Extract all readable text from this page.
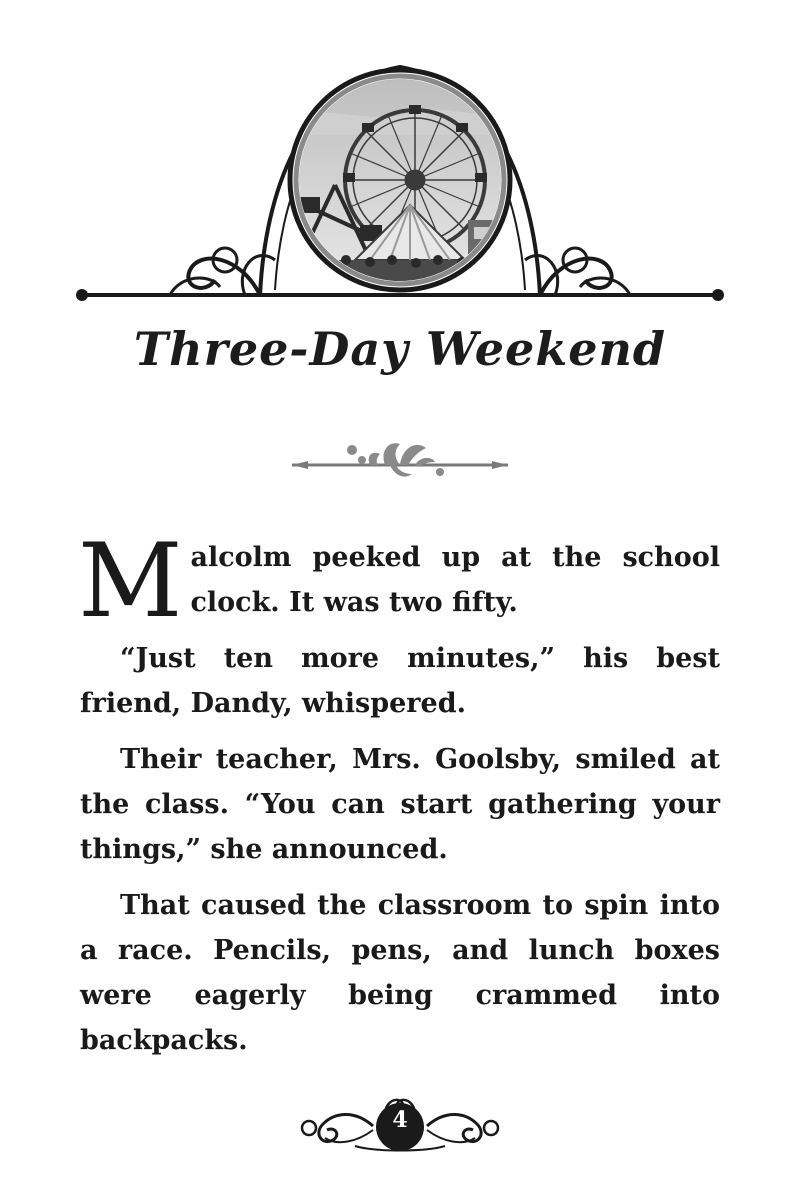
Three-Day Weekend

Malcolm peeked up at the school clock. It was two fifty.

“Just ten more minutes,” his best friend, Dandy, whispered.

Their teacher, Mrs. Goolsby, smiled at the class. “You can start gathering your things,” she announced.

That caused the classroom to spin into a race. Pencils, pens, and lunch boxes were eagerly being crammed into backpacks.

4
